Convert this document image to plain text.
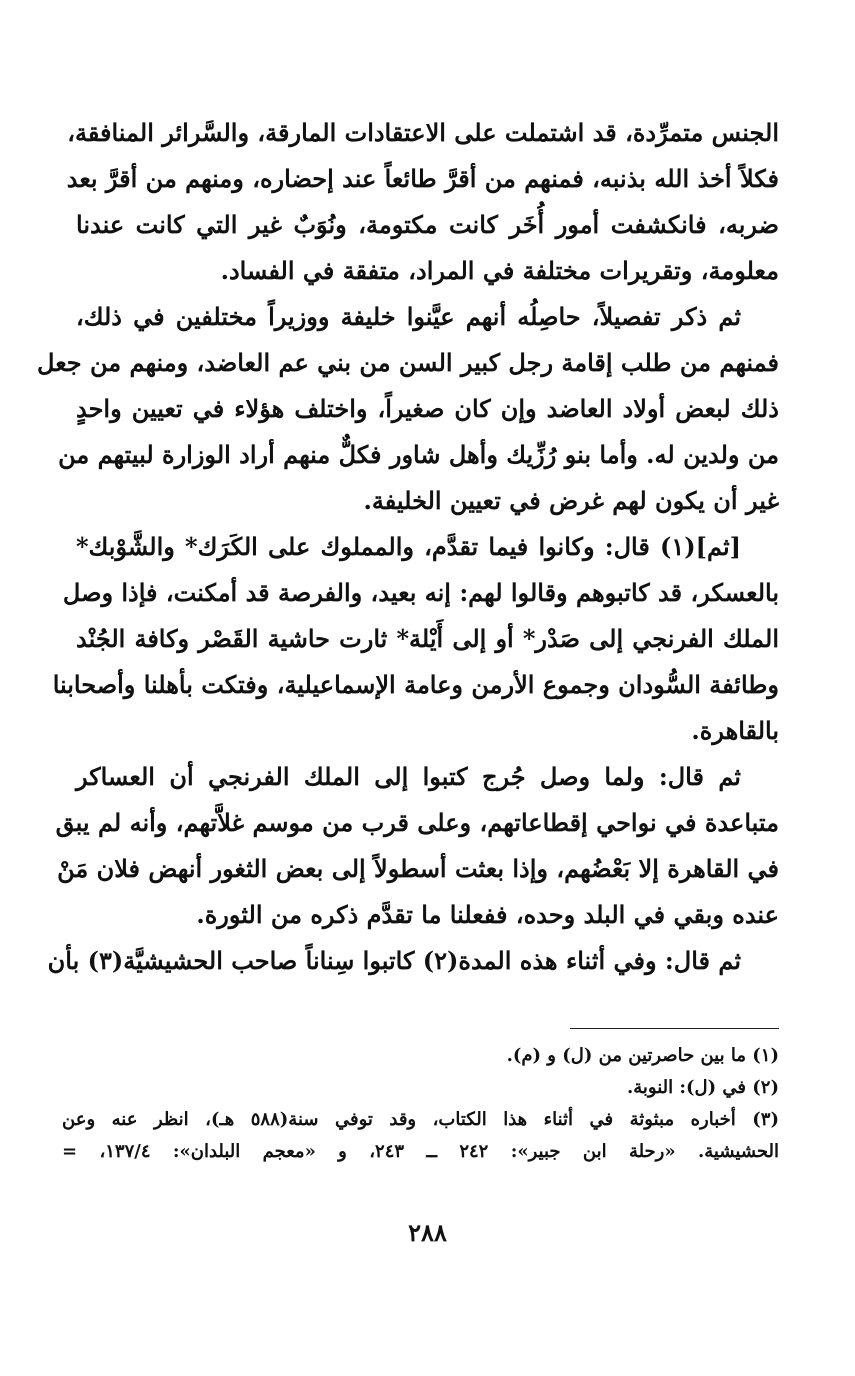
الجنس متمرِّدة، قد اشتملت على الاعتقادات المارقة، والسَّرائر المنافقة،
فكلاً أخذ الله بذنبه، فمنهم من أقرَّ طائعاً عند إحضاره، ومنهم من أقرَّ بعد
ضربه، فانكشفت أمور أُخَر كانت مكتومة، ونُوَبٌ غير التي كانت عندنا
معلومة، وتقريرات مختلفة في المراد، متفقة في الفساد.
ثم ذكر تفصيلاً، حاصِلُه أنهم عيَّنوا خليفة ووزيراً مختلفين في ذلك،
فمنهم من طلب إقامة رجل كبير السن من بني عم العاضد، ومنهم من جعل
ذلك لبعض أولاد العاضد وإن كان صغيراً، واختلف هؤلاء في تعيين واحدٍ
من ولدين له. وأما بنو رُزِّيك وأهل شاور فكلٌّ منهم أراد الوزارة لبيتهم من
غير أن يكون لهم غرض في تعيين الخليفة.
[ثم](١) قال: وكانوا فيما تقدَّم، والمملوك على الكَرَك* والشَّوْبك*
بالعسكر، قد كاتبوهم وقالوا لهم: إنه بعيد، والفرصة قد أمكنت، فإذا وصل
الملك الفرنجي إلى صَدْر* أو إلى أَيْلة* ثارت حاشية القَصْر وكافة الجُنْد
وطائفة السُّودان وجموع الأرمن وعامة الإسماعيلية، وفتكت بأهلنا وأصحابنا
بالقاهرة.
ثم قال: ولما وصل جُرج كتبوا إلى الملك الفرنجي أن العساكر
متباعدة في نواحي إقطاعاتهم، وعلى قرب من موسم غلاَّتهم، وأنه لم يبق
في القاهرة إلا بَعْضُهم، وإذا بعثت أسطولاً إلى بعض الثغور أنهض فلان مَنْ
عنده وبقي في البلد وحده، ففعلنا ما تقدَّم ذكره من الثورة.
ثم قال: وفي أثناء هذه المدة(٢) كاتبوا سِناناً صاحب الحشيشيَّة(٣) بأن
(١) ما بين حاصرتين من (ل) و (م).
(٢) في (ل): النوبة.
(٣) أخباره مبثوثة في أثناء هذا الكتاب، وقد توفي سنة(٥٨٨ هـ)، انظر عنه وعن
الحشيشية. «رحلة ابن جبير»: ٢٤٢ ــ ٢٤٣، و «معجم البلدان»: ١٣٧/٤، =
٢٨٨
